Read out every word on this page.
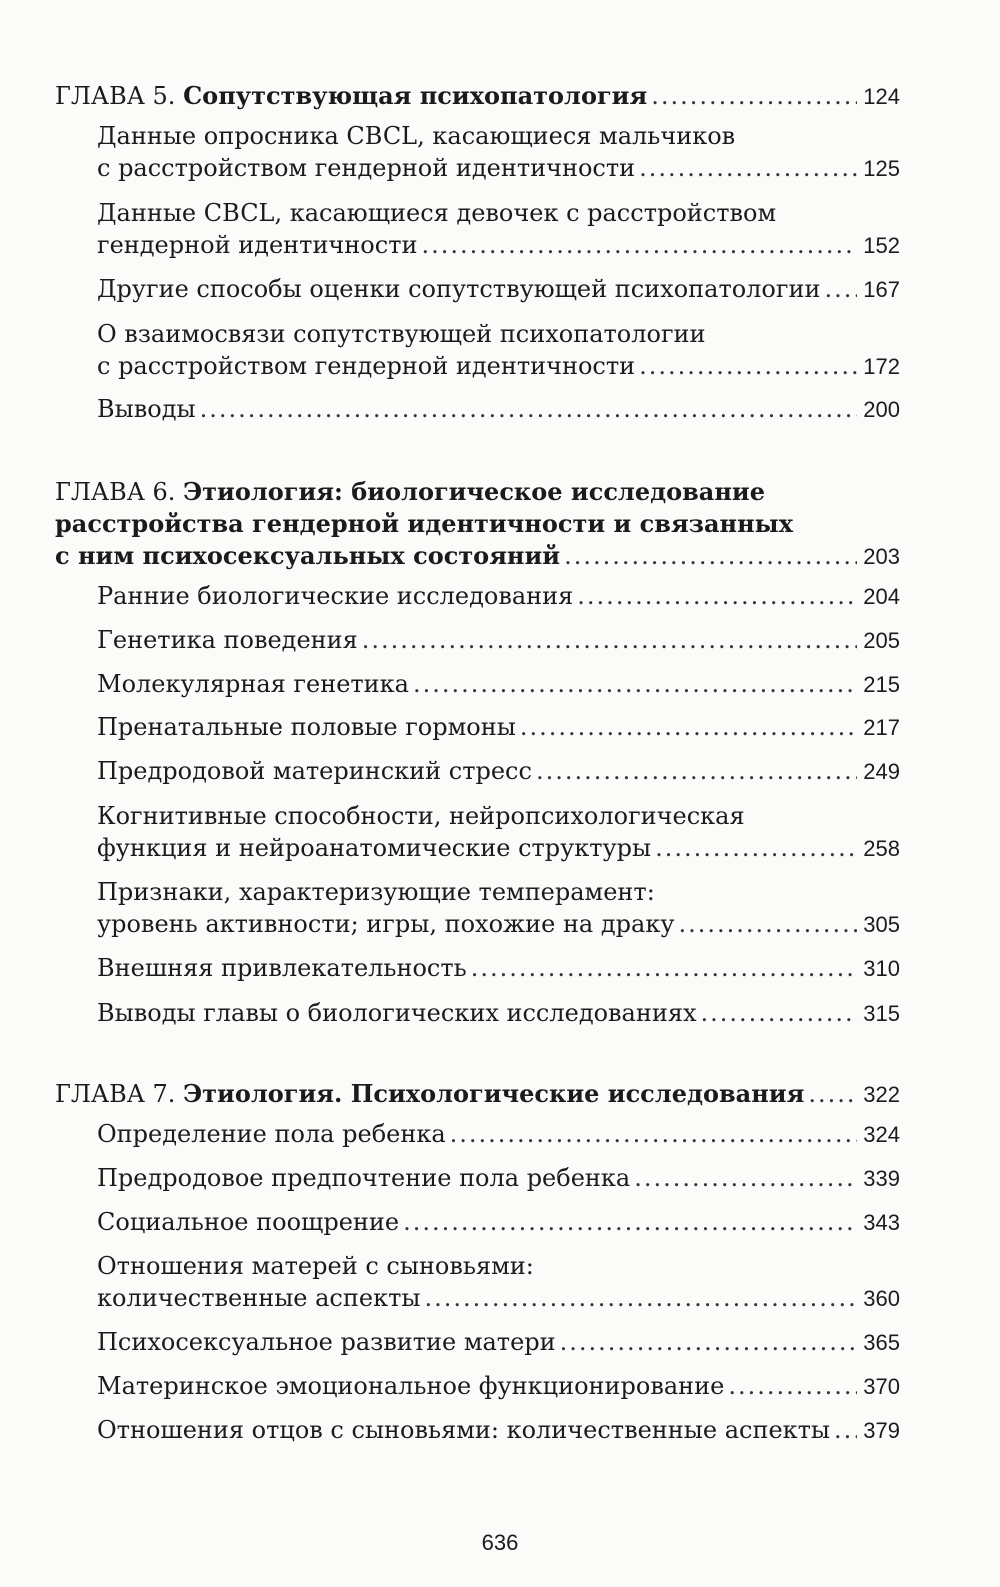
ГЛАВА 5. Сопутствующая психопатология .....	124
Данные опросника CBCL, касающиеся мальчиков
с расстройством гендерной идентичности .....	125
Данные CBCL, касающиеся девочек с расстройством
гендерной идентичности .....	152
Другие способы оценки сопутствующей психопатологии ..... 167
О взаимосвязи сопутствующей психопатологии
с расстройством гендерной идентичности .....	172
Выводы .....	200
ГЛАВА 6. Этиология: биологическое исследование
расстройства гендерной идентичности и связанных
с ним психосексуальных состояний .....	203
Ранние биологические исследования .....	204
Генетика поведения .....	205
Молекулярная генетика .....	215
Пренатальные половые гормоны .....	217
Предродовой материнский стресс .....	249
Когнитивные способности, нейропсихологическая
функция и нейроанатомические структуры .....	258
Признаки, характеризующие темперамент:
уровень активности; игры, похожие на драку .....	305
Внешняя привлекательность .....	310
Выводы главы о биологических исследованиях .....	315
ГЛАВА 7. Этиология. Психологические исследования .....	322
Определение пола ребенка .....	324
Предродовое предпочтение пола ребенка .....	339
Социальное поощрение .....	343
Отношения матерей с сыновьями:
количественные аспекты .....	360
Психосексуальное развитие матери .....	365
Материнское эмоциональное функционирование .....	370
Отношения отцов с сыновьями: количественные аспекты ..... 379
636
